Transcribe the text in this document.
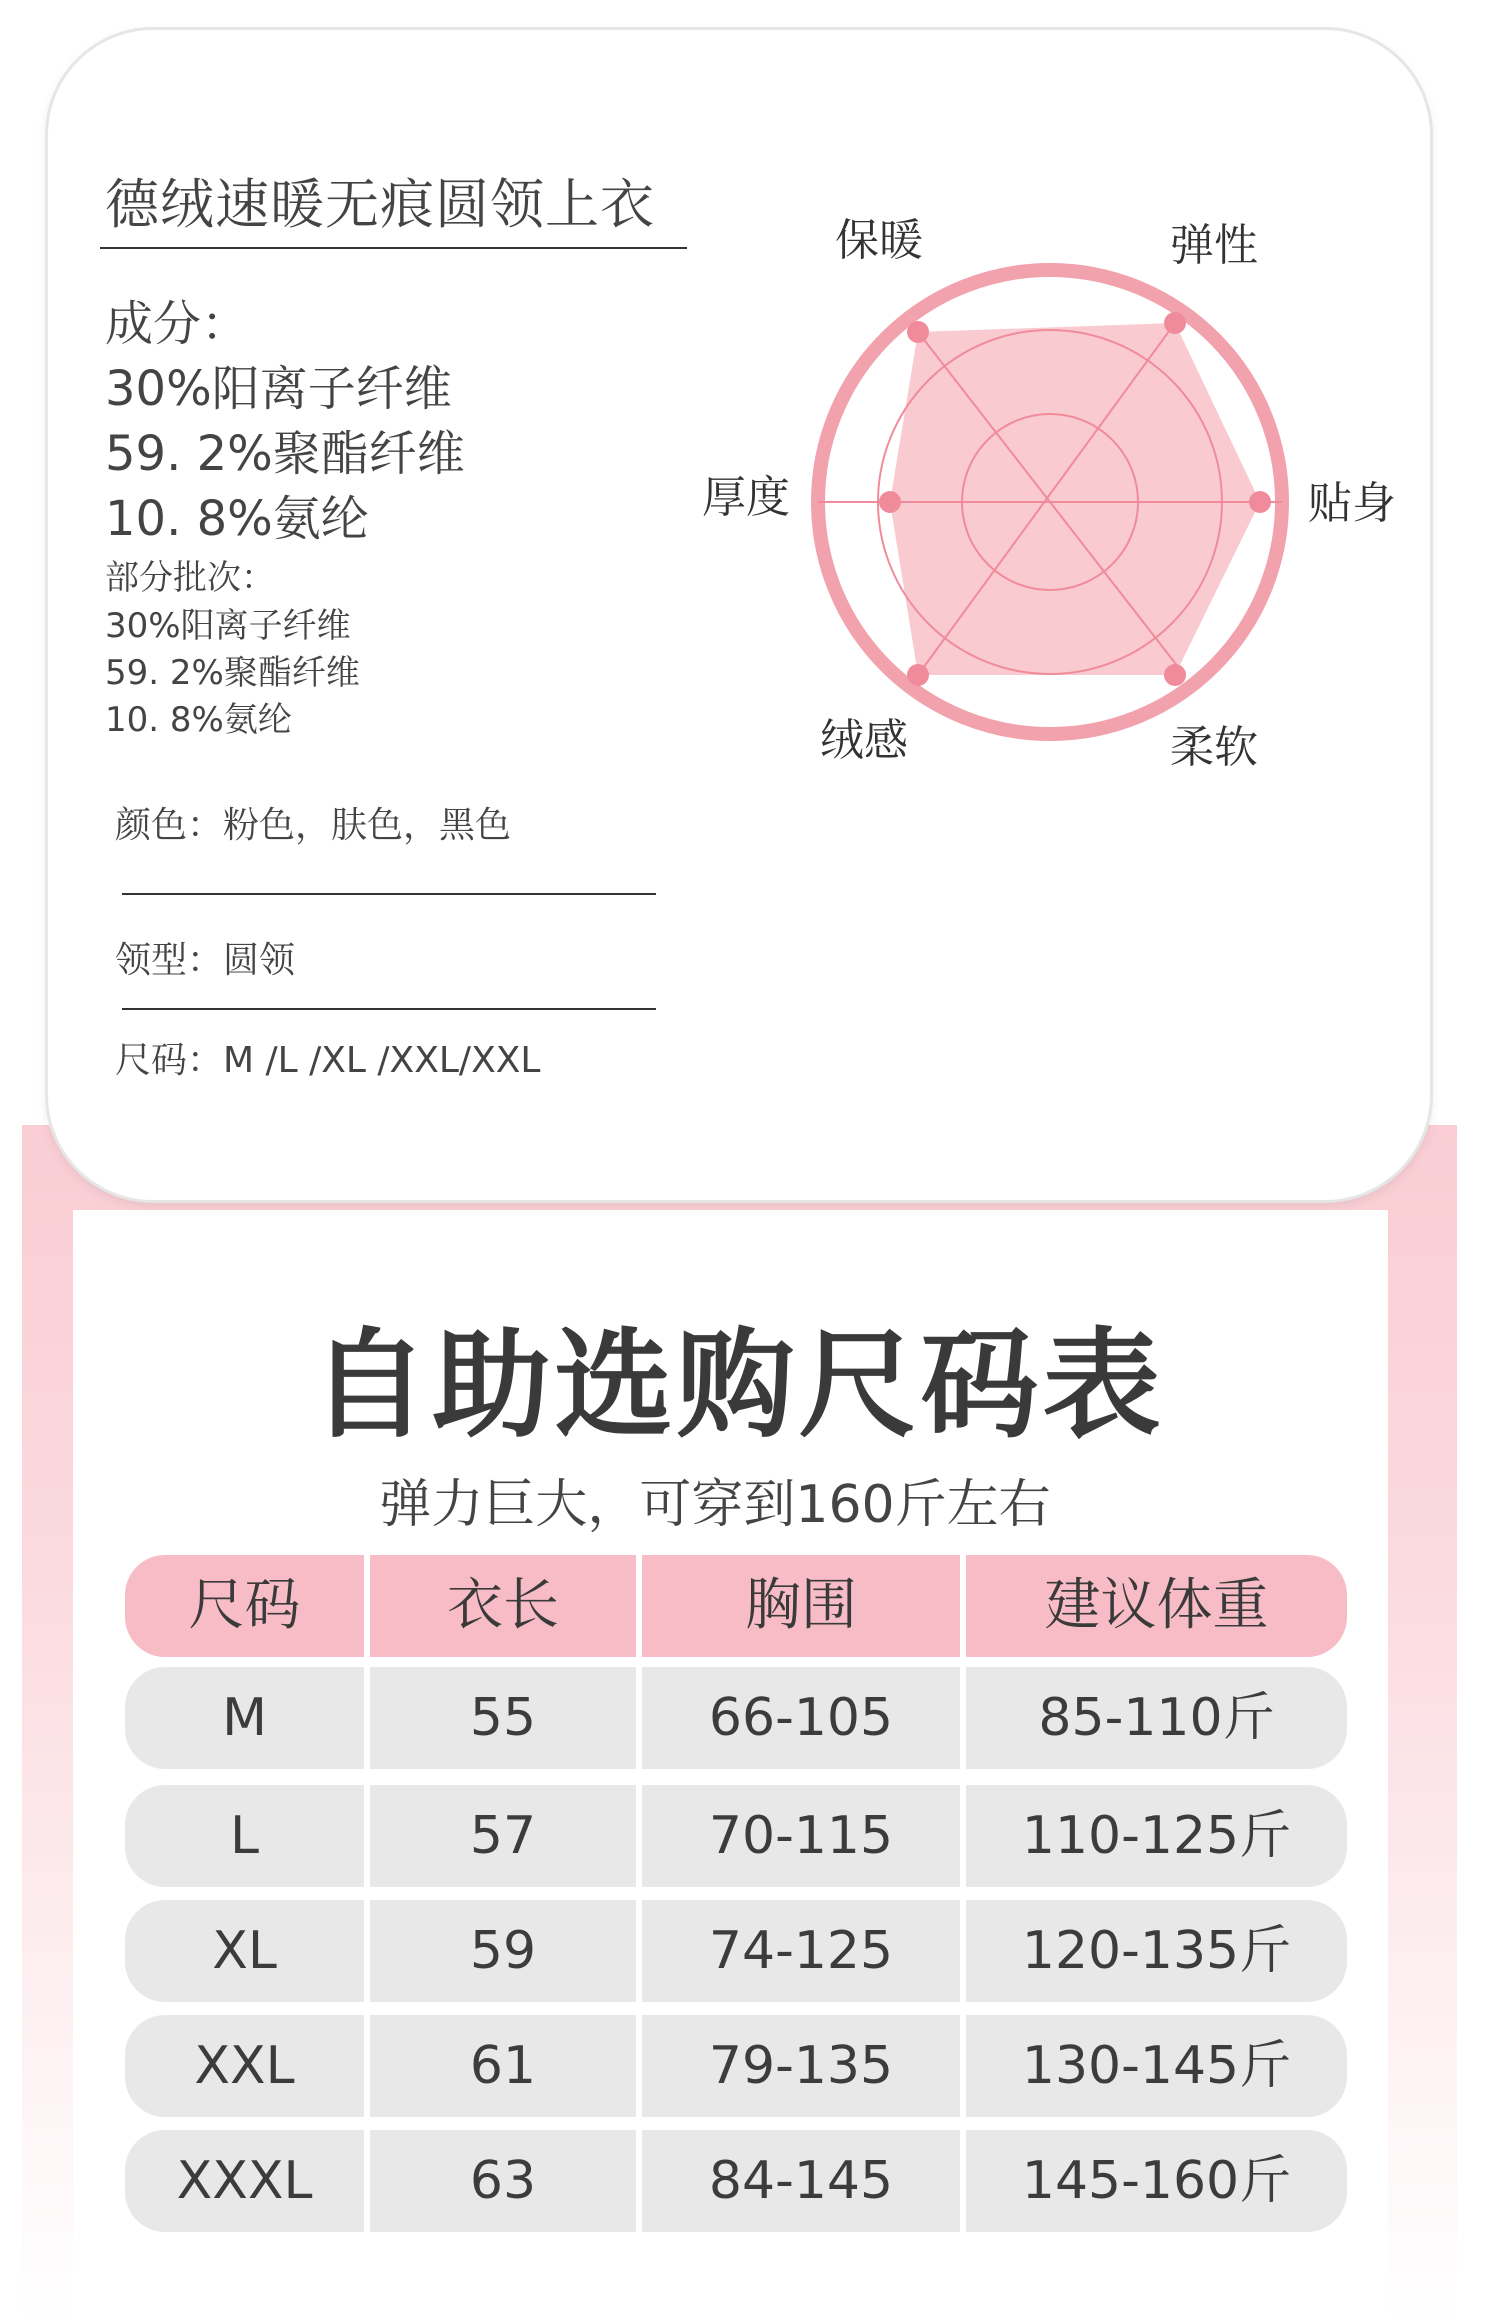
德绒速暖无痕圆领上衣
成分：
30%阳离子纤维
59. 2%聚酯纤维
10. 8%氨纶
部分批次：
30%阳离子纤维
59. 2%聚酯纤维
10. 8%氨纶
颜色：粉色，肤色，黑色
领型：圆领
尺码：M /L /XL /XXL/XXL
保暖	弹性
贴身
柔软
绒感
厚度
自助选购尺码表
弹力巨大，可穿到160斤左右
尺码	衣长	胸围	建议体重
M	55	66-105	85-110斤
L	57	70-115	110-125斤
XL	59	74-125	120-135斤
XXL	61	79-135	130-145斤
XXXL	63	84-145	145-160斤
